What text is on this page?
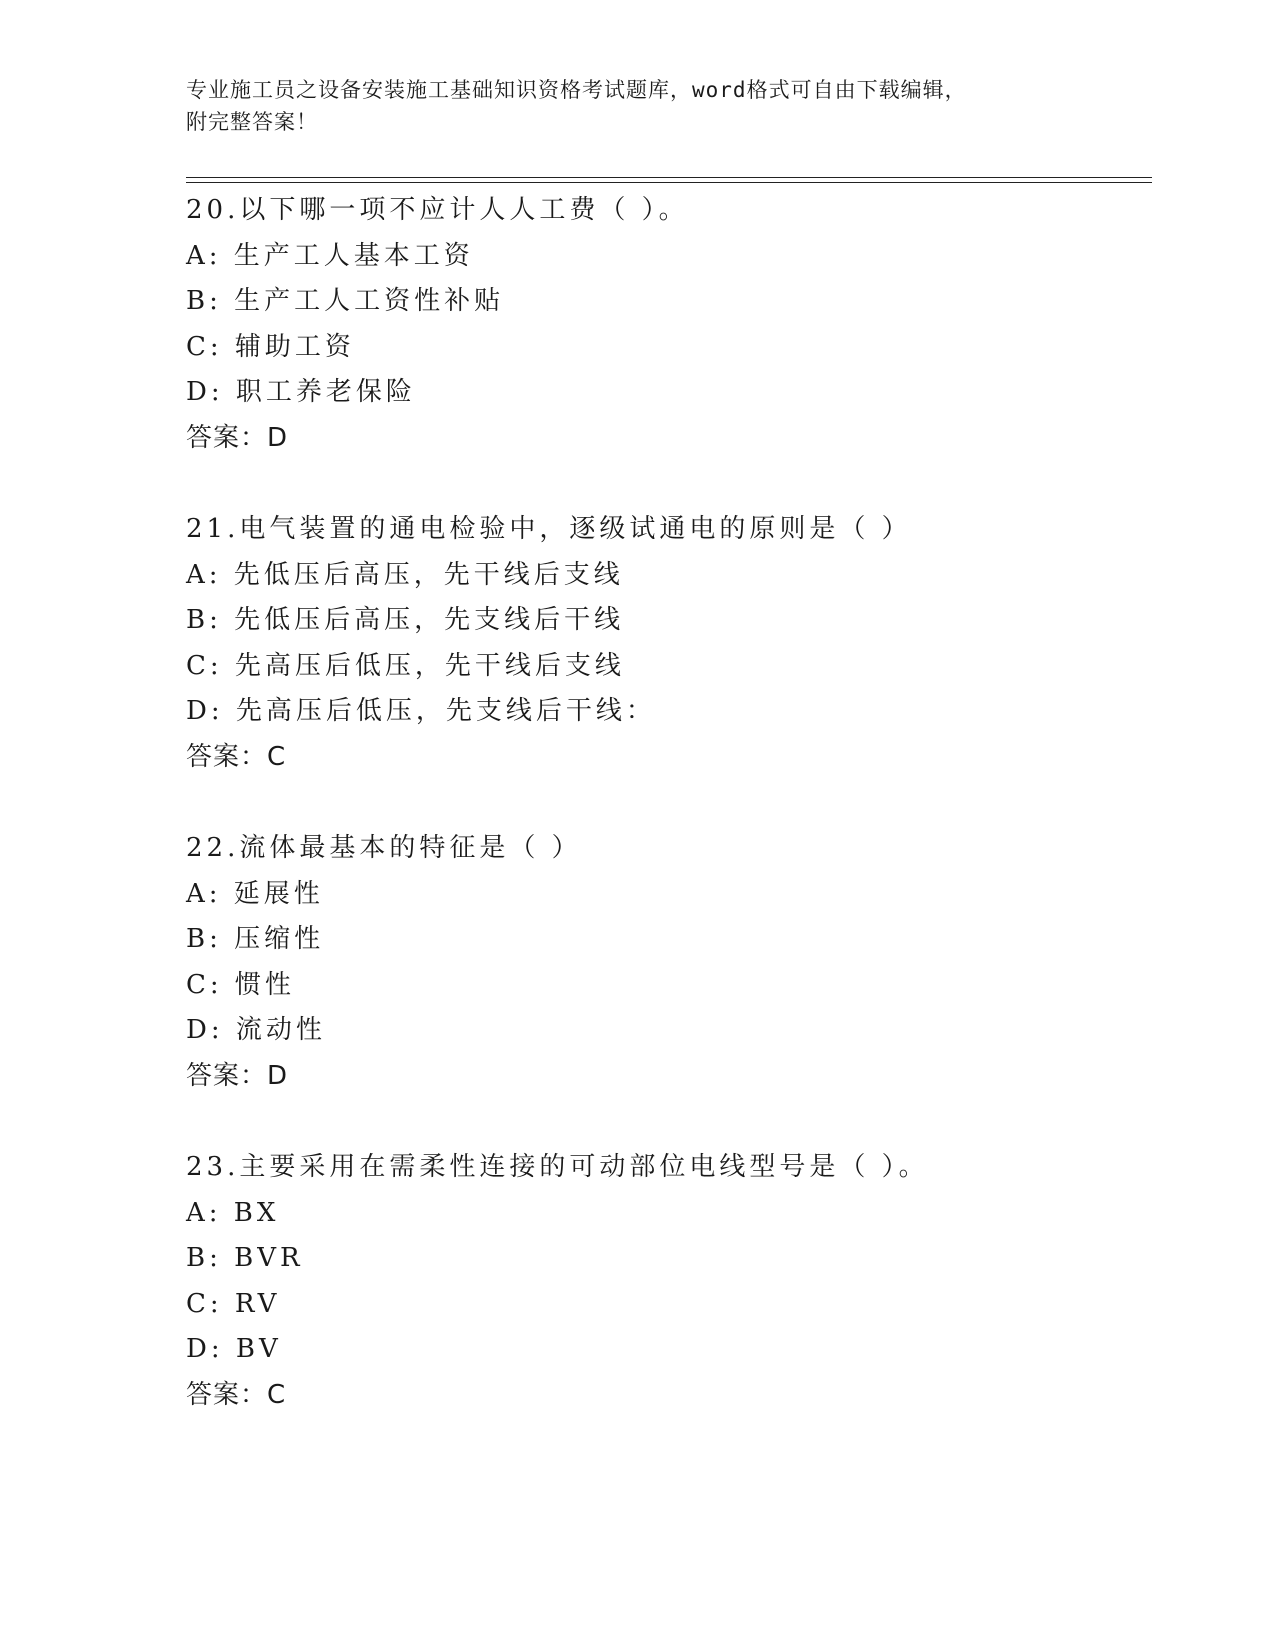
专业施工员之设备安装施工基础知识资格考试题库，word格式可自由下载编辑，
附完整答案！
20.以下哪一项不应计人人工费（ ）。
A: 生产工人基本工资
B: 生产工人工资性补贴
C: 辅助工资
D: 职工养老保险
答案：D
21.电气装置的通电检验中，逐级试通电的原则是（ ）
A: 先低压后高压，先干线后支线
B: 先低压后高压，先支线后干线
C: 先高压后低压，先干线后支线
D: 先高压后低压，先支线后干线：
答案：C
22.流体最基本的特征是（ ）
A: 延展性
B: 压缩性
C: 惯性
D: 流动性
答案：D
23.主要采用在需柔性连接的可动部位电线型号是（ ）。
A: BX
B: BVR
C: RV
D: BV
答案：C
